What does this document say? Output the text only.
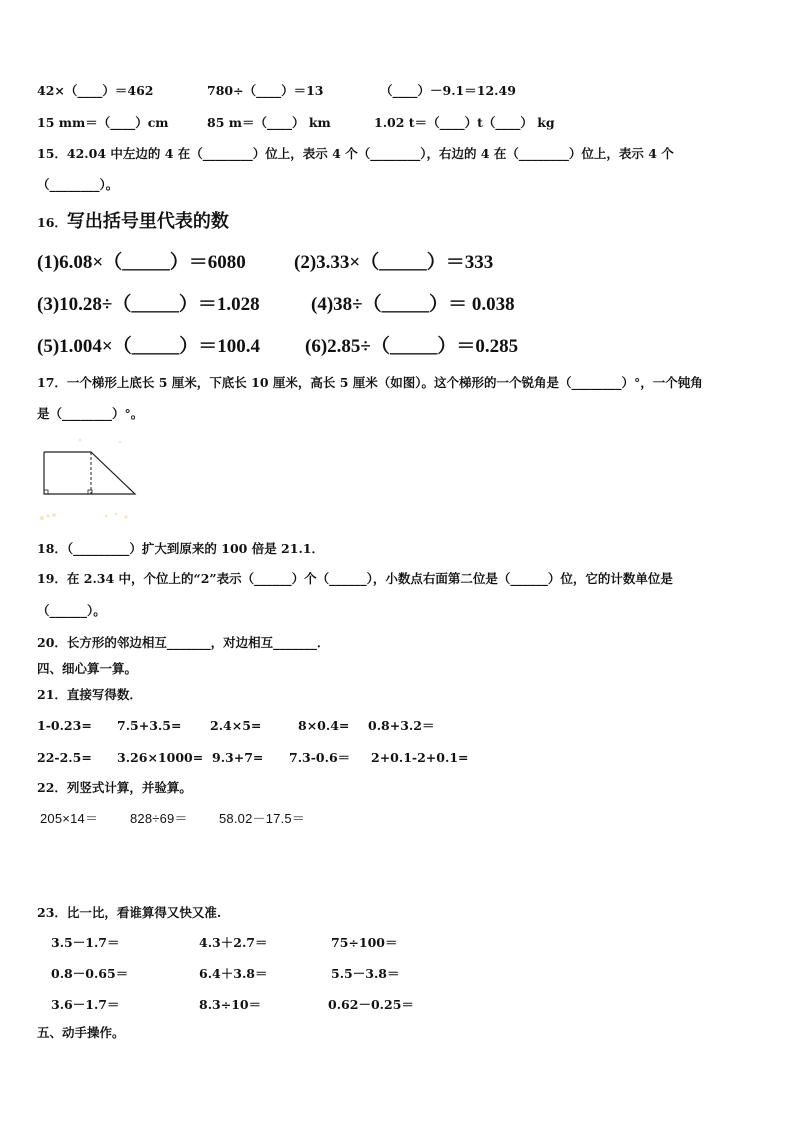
42×（____）＝462	780÷（____）＝13	（____）－9.1＝12.49
15 mm＝（____）cm	85 m＝（____） km	1.02 t＝（____）t（____） kg
15．42.04 中左边的 4 在（________）位上，表示 4 个（________），右边的 4 在（________）位上，表示 4 个
（________）。
16．写出括号里代表的数
(1)6.08×（_____）＝6080	(2)3.33×（_____）＝333
(3)10.28÷（_____）＝1.028	(4)38÷（_____）＝ 0.038
(5)1.004×（_____）＝100.4 (6)2.85÷（_____）＝0.285
17．一个梯形上底长 5 厘米，下底长 10 厘米，高长 5 厘米（如图）。这个梯形的一个锐角是（________）°，一个钝角
是（________）°。
18．（_________）扩大到原来的 100 倍是 21.1．
19．在 2.34 中，个位上的“2”表示（______）个（______），小数点右面第二位是（______）位，它的计数单位是
（______）。
20．长方形的邻边相互_______，对边相互_______．
四、细心算一算。
21．直接写得数．
1-0.23= 7.5+3.5= 2.4×5=	8×0.4= 0.8+3.2＝
22-2.5= 3.26×1000= 9.3+7= 7.3-0.6＝ 2+0.1-2+0.1=
22．列竖式计算，并验算。
205×14＝ 828÷69＝ 58.02－17.5＝
23．比一比，看谁算得又快又准.
3.5－1.7＝	4.3＋2.7＝	75÷100＝
0.8－0.65＝	6.4＋3.8＝	5.5－3.8＝
3.6－1.7＝	8.3÷10＝	0.62－0.25＝
五、动手操作。
